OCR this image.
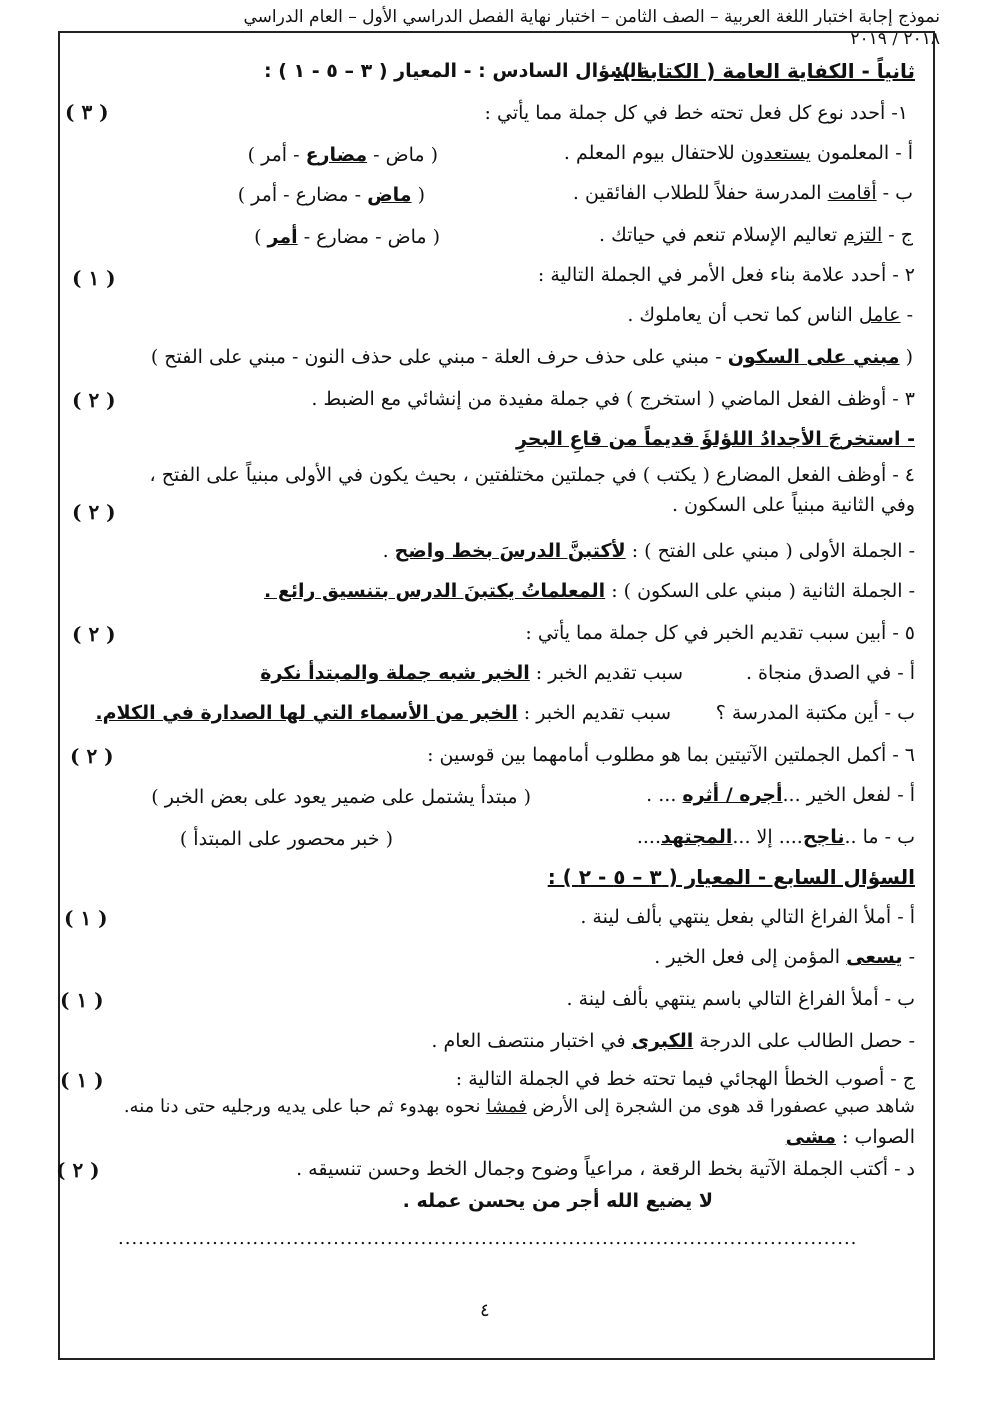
نموذج إجابة اختبار اللغة العربية – الصف الثامن – اختبار نهاية الفصل الدراسي الأول – العام الدراسي ٢٠١٨ / ٢٠١٩
ثانياً - الكفاية العامة ( الكتابة ):
السؤال السادس : - المعيار ( ٣ – ٥ - ١ ) :
١- أحدد نوع كل فعل تحته خط في كل جملة مما يأتي :
( ٣ )
أ - المعلمون يستعدون للاحتفال بيوم المعلم .
( ماض - مضارع - أمر )
ب - أقامت المدرسة حفلاً للطلاب الفائقين .
( ماض - مضارع - أمر )
ج - التزم تعاليم الإسلام تنعم في حياتك .
( ماض - مضارع - أمر )
٢ - أحدد علامة بناء فعل الأمر في الجملة التالية :
( ١ )
- عامل الناس كما تحب أن يعاملوك .
( مبني على السكون - مبني على حذف حرف العلة - مبني على حذف النون - مبني على الفتح )
٣ - أوظف الفعل الماضي ( استخرج ) في جملة مفيدة من إنشائي مع الضبط .
( ٢ )
- استخرجَ الأجدادُ اللؤلؤَ قديماً من قاعِ البحرِ
٤ - أوظف الفعل المضارع ( يكتب ) في جملتين مختلفتين ، بحيث يكون في الأولى مبنياً على الفتح ،
وفي الثانية مبنياً على السكون .
( ٢ )
- الجملة الأولى ( مبني على الفتح ) : لأكتبنَّ الدرسَ بخط واضح .
- الجملة الثانية ( مبني على السكون ) : المعلماتُ يكتبنَ الدرس بتنسيق رائع .
٥ - أبين سبب تقديم الخبر في كل جملة مما يأتي :
( ٢ )
أ - في الصدق منجاة .
سبب تقديم الخبر : الخبر شبه جملة والمبتدأ نكرة
ب - أين مكتبة المدرسة ؟
سبب تقديم الخبر : الخبر من الأسماء التي لها الصدارة في الكلام.
٦ - أكمل الجملتين الآتيتين بما هو مطلوب أمامهما بين قوسين :
( ٢ )
أ - لفعل الخير ...أجره / أثره ... .
( مبتدأ يشتمل على ضمير يعود على بعض الخبر )
ب - ما ..ناجح.... إلا ...المجتهد....
( خبر محصور على المبتدأ )
السؤال السابع - المعيار ( ٣ – ٥ - ٢ ) :
أ - أملأ الفراغ التالي بفعل ينتهي بألف لينة .
( ١ )
- يسعى المؤمن إلى فعل الخير .
ب - أملأ الفراغ التالي باسم ينتهي بألف لينة .
( ١ )
- حصل الطالب على الدرجة الكبرى في اختبار منتصف العام .
ج - أصوب الخطأ الهجائي فيما تحته خط في الجملة التالية :
( ١ )
شاهد صبي عصفورا قد هوى من الشجرة إلى الأرض فمشا نحوه بهدوء ثم حبا على يديه ورجليه حتى دنا منه.
الصواب : مشى
د - أكتب الجملة الآتية بخط الرقعة ، مراعياً وضوح وجمال الخط وحسن تنسيقه .
( ٢ )
لا يضيع الله أجر من يحسن عمله .
..............................................................................................................
٤
